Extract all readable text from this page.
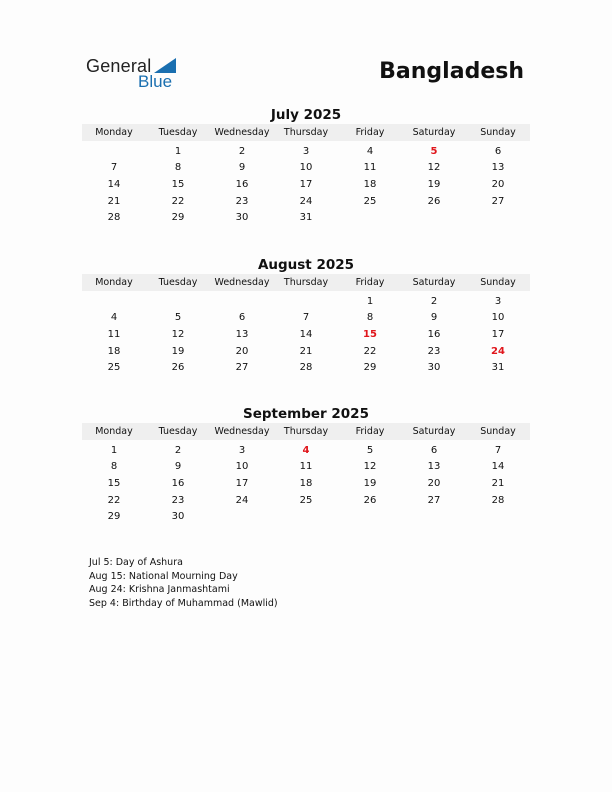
General
Blue	Bangladesh
July 2025
Monday	Tuesday	Wednesday	Thursday	Friday	Saturday	Sunday

	1	2	3	4	5	6
7	8	9	10	11	12	13
14	15	16	17	18	19	20
21	22	23	24	25	26	27
28	29	30	31			
August 2025
Monday	Tuesday	Wednesday	Thursday	Friday	Saturday	Sunday

				1	2	3
4	5	6	7	8	9	10
11	12	13	14	15	16	17
18	19	20	21	22	23	24
25	26	27	28	29	30	31
September 2025
Monday	Tuesday	Wednesday	Thursday	Friday	Saturday	Sunday

1	2	3	4	5	6	7
8	9	10	11	12	13	14
15	16	17	18	19	20	21
22	23	24	25	26	27	28
29	30					
Jul 5: Day of Ashura
Aug 15: National Mourning Day
Aug 24: Krishna Janmashtami
Sep 4: Birthday of Muhammad (Mawlid)
